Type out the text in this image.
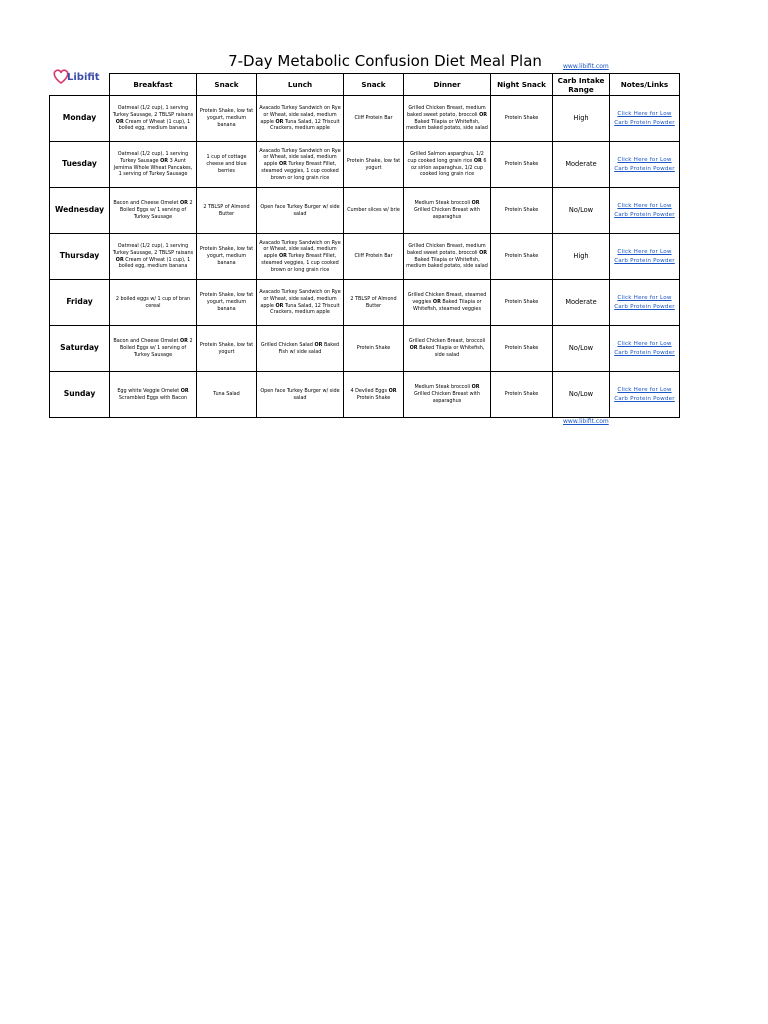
7-Day Metabolic Confusion Diet Meal Plan	www.libifit.com
Libifit
	Breakfast	Snack	Lunch	Snack	Dinner	Night Snack	Carb Intake Range	Notes/Links
Monday	Oatmeal (1/2 cup), 1 serving Turkey Sausage, 2 TBLSP raisans OR Cream of Wheat (1 cup), 1 boiled egg, medium banana	Protein Shake, low fat yogurt, medium banana	Avacado Turkey Sandwich on Rye or Wheat, side salad, medium apple OR Tuna Salad, 12 Triscuit Crackers, medium apple	Cliff Protein Bar	Grilled Chicken Breast, medium baked sweet potato, broccoli OR Baked Tilapia or Whitefish, medium baked potato, side salad	Protein Shake	High	Click Here for Low Carb Protein Powder
Tuesday	Oatmeal (1/2 cup), 1 serving Turkey Sausage OR 3 Aunt Jemima Whole Wheat Pancakes, 1 serving of Turkey Sausage	1 cup of cottage cheese and blue berries	Avacado Turkey Sandwich on Rye or Wheat, side salad, medium apple OR Turkey Breast Fillet, steamed veggies, 1 cup cooked brown or long grain rice	Protein Shake, low fat yogurt	Grilled Salmon asparghus, 1/2 cup cooked long grain rice OR 6 oz sirlon asparaghus, 1/2 cup cooked long grain rice	Protein Shake	Moderate	Click Here for Low Carb Protein Powder
Wednesday	Bacon and Cheese Omelet OR 2 Boiled Eggs w/ 1 serving of Turkey Sausage	2 TBLSP of Almond Butter	Open face Turkey Burger w/ side salad	Cumber slices w/ brie	Medium Steak broccoli OR Grilled Chicken Breast with asparaghus	Protein Shake	No/Low	Click Here for Low Carb Protein Powder
Thursday	Oatmeal (1/2 cup), 1 serving Turkey Sausage, 2 TBLSP raisans OR Cream of Wheat (1 cup), 1 boiled egg, medium banana	Protein Shake, low fat yogurt, medium banana	Avacado Turkey Sandwich on Rye or Wheat, side salad, medium apple OR Turkey Breast Fillet, steamed veggies, 1 cup cooked brown or long grain rice	Cliff Protein Bar	Grilled Chicken Breast, medium baked sweet potato, broccoli OR Baked Tilapia or Whitefish, medium baked potato, side salad	Protein Shake	High	Click Here for Low Carb Protein Powder
Friday	2 boiled eggs w/ 1 cup of bran cereal	Protein Shake, low fat yogurt, medium banana	Avacado Turkey Sandwich on Rye or Wheat, side salad, medium apple OR Tuna Salad, 12 Triscuit Crackers, medium apple	2 TBLSP of Almond Butter	Grilled Chicken Breast, steamed veggies OR Baked Tilapia or Whitefish, steamed veggies	Protein Shake	Moderate	Click Here for Low Carb Protein Powder
Saturday	Bacon and Cheese Omelet OR 2 Boiled Eggs w/ 1 serving of Turkey Sausage	Protein Shake, low fat yogurt	Grilled Chicken Salad OR Baked Fish w/ side salad	Protein Shake	Grilled Chicken Breast, broccoli OR Baked Tilapia or Whitefish, side salad	Protein Shake	No/Low	Click Here for Low Carb Protein Powder
Sunday	Egg white Veggie Omelet OR Scrambled Eggs with Bacon	Tuna Salad	Open face Turkey Burger w/ side salad	4 Deviled Eggs OR Protein Shake	Medium Steak broccoli OR Grilled Chicken Breast with asparaghus	Protein Shake	No/Low	Click Here for Low Carb Protein Powder
www.libifit.com
